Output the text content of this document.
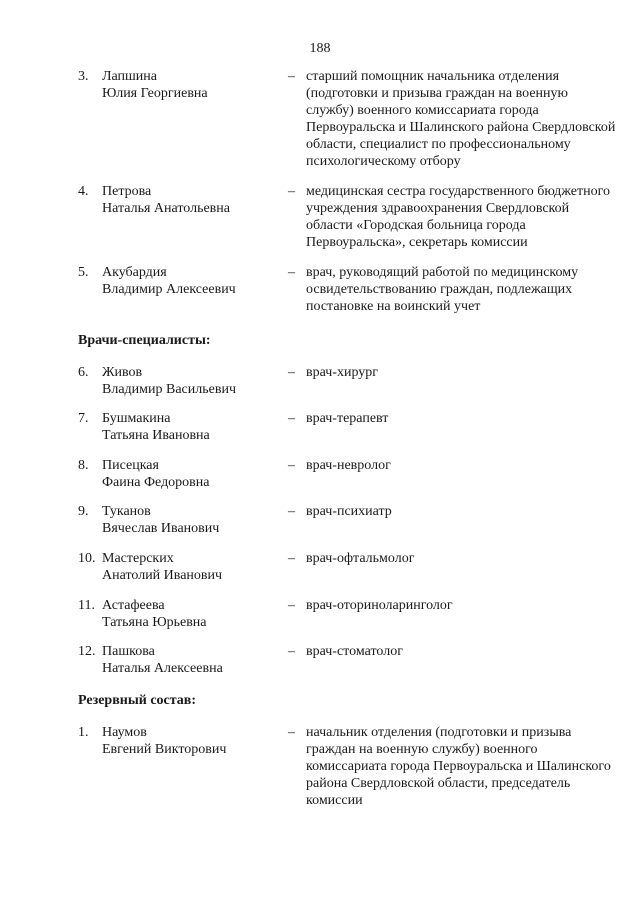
188
3. Лапшина
Юлия Георгиевна
– старший помощник начальника отделения (подготовки и призыва граждан на военную службу) военного комиссариата города Первоуральска и Шалинского района Свердловской области, специалист по профессиональному психологическому отбору
4. Петрова
Наталья Анатольевна
– медицинская сестра государственного бюджетного учреждения здравоохранения Свердловской области «Городская больница города Первоуральска», секретарь комиссии
5. Акубардия
Владимир Алексеевич
– врач, руководящий работой по медицинскому освидетельствованию граждан, подлежащих постановке на воинский учет
Врачи-специалисты:
6. Живов
Владимир Васильевич
– врач-хирург
7. Бушмакина
Татьяна Ивановна
– врач-терапевт
8. Писецкая
Фаина Федоровна
– врач-невролог
9. Туканов
Вячеслав Иванович
– врач-психиатр
10. Мастерских
Анатолий Иванович
– врач-офтальмолог
11. Астафеева
Татьяна Юрьевна
– врач-оториноларинголог
12. Пашкова
Наталья Алексеевна
– врач-стоматолог
Резервный состав:
1. Наумов
Евгений Викторович
– начальник отделения (подготовки и призыва граждан на военную службу) военного комиссариата города Первоуральска и Шалинского района Свердловской области, председатель комиссии
